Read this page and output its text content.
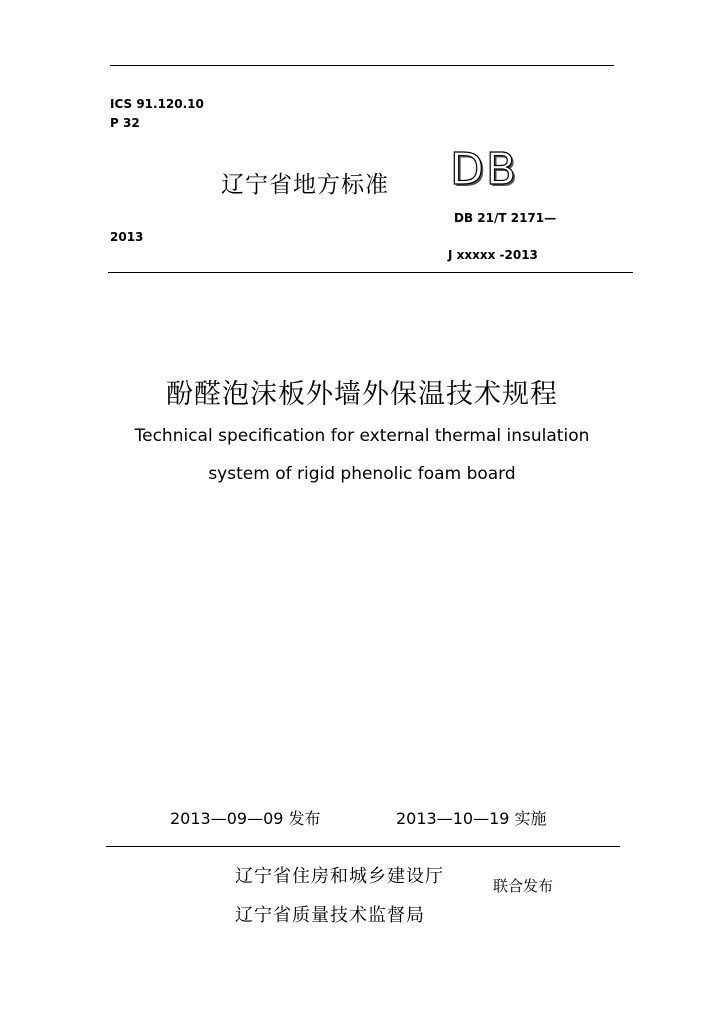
ICS 91.120.10
P 32
辽宁省地方标准 DB
DB 21/T 2171—
2013
J xxxxx -2013
酚醛泡沫板外墙外保温技术规程
Technical specification for external thermal insulation
system of rigid phenolic foam board
2013—09—09 发布	2013—10—19 实施
辽宁省住房和城乡建设厅	联合发布
辽宁省质量技术监督局
